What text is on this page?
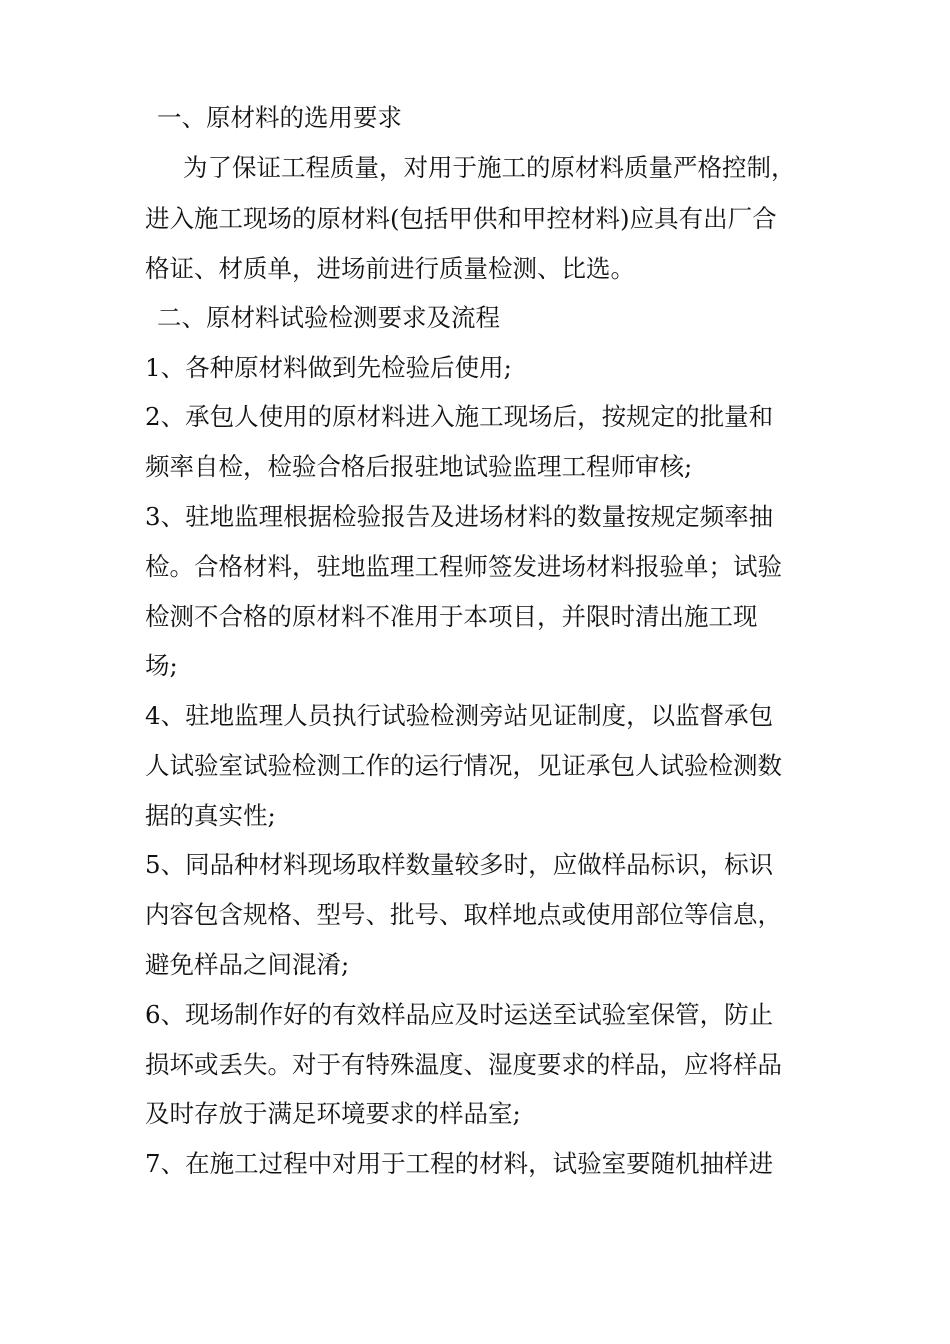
一、原材料的选用要求
为了保证工程质量，对用于施工的原材料质量严格控制，
进入施工现场的原材料(包括甲供和甲控材料)应具有出厂合
格证、材质单，进场前进行质量检测、比选。
二、原材料试验检测要求及流程
1、各种原材料做到先检验后使用;
2、承包人使用的原材料进入施工现场后，按规定的批量和
频率自检，检验合格后报驻地试验监理工程师审核;
3、驻地监理根据检验报告及进场材料的数量按规定频率抽
检。合格材料，驻地监理工程师签发进场材料报验单；试验
检测不合格的原材料不准用于本项目，并限时清出施工现
场;
4、驻地监理人员执行试验检测旁站见证制度，以监督承包
人试验室试验检测工作的运行情况，见证承包人试验检测数
据的真实性;
5、同品种材料现场取样数量较多时，应做样品标识，标识
内容包含规格、型号、批号、取样地点或使用部位等信息，
避免样品之间混淆;
6、现场制作好的有效样品应及时运送至试验室保管，防止
损坏或丢失。对于有特殊温度、湿度要求的样品，应将样品
及时存放于满足环境要求的样品室;
7、在施工过程中对用于工程的材料，试验室要随机抽样进
